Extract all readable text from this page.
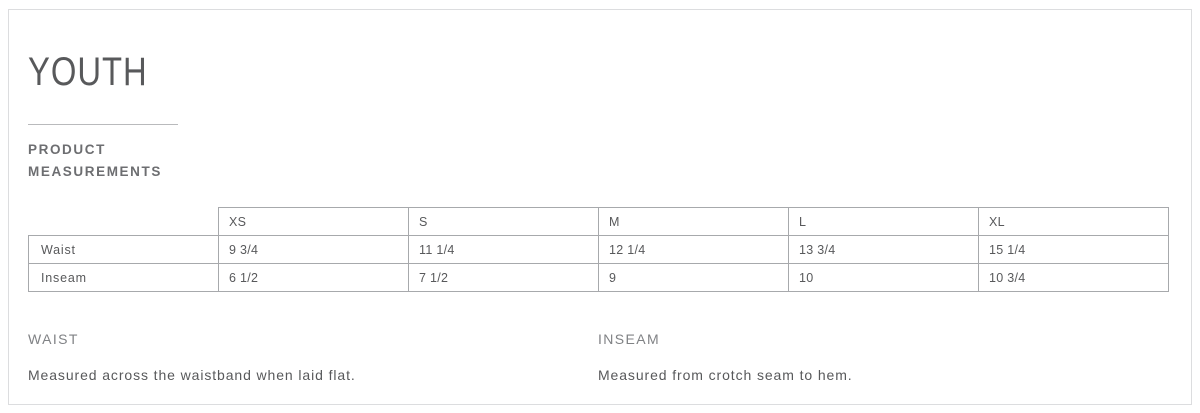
YOUTH
PRODUCT
MEASUREMENTS
	XS	S	M	L	XL
Waist	9 3/4	11 1/4	12 1/4	13 3/4	15 1/4
Inseam	6 1/2	7 1/2	9	10	10 3/4
WAIST

Measured across the waistband when laid flat.

INSEAM

Measured from crotch seam to hem.
